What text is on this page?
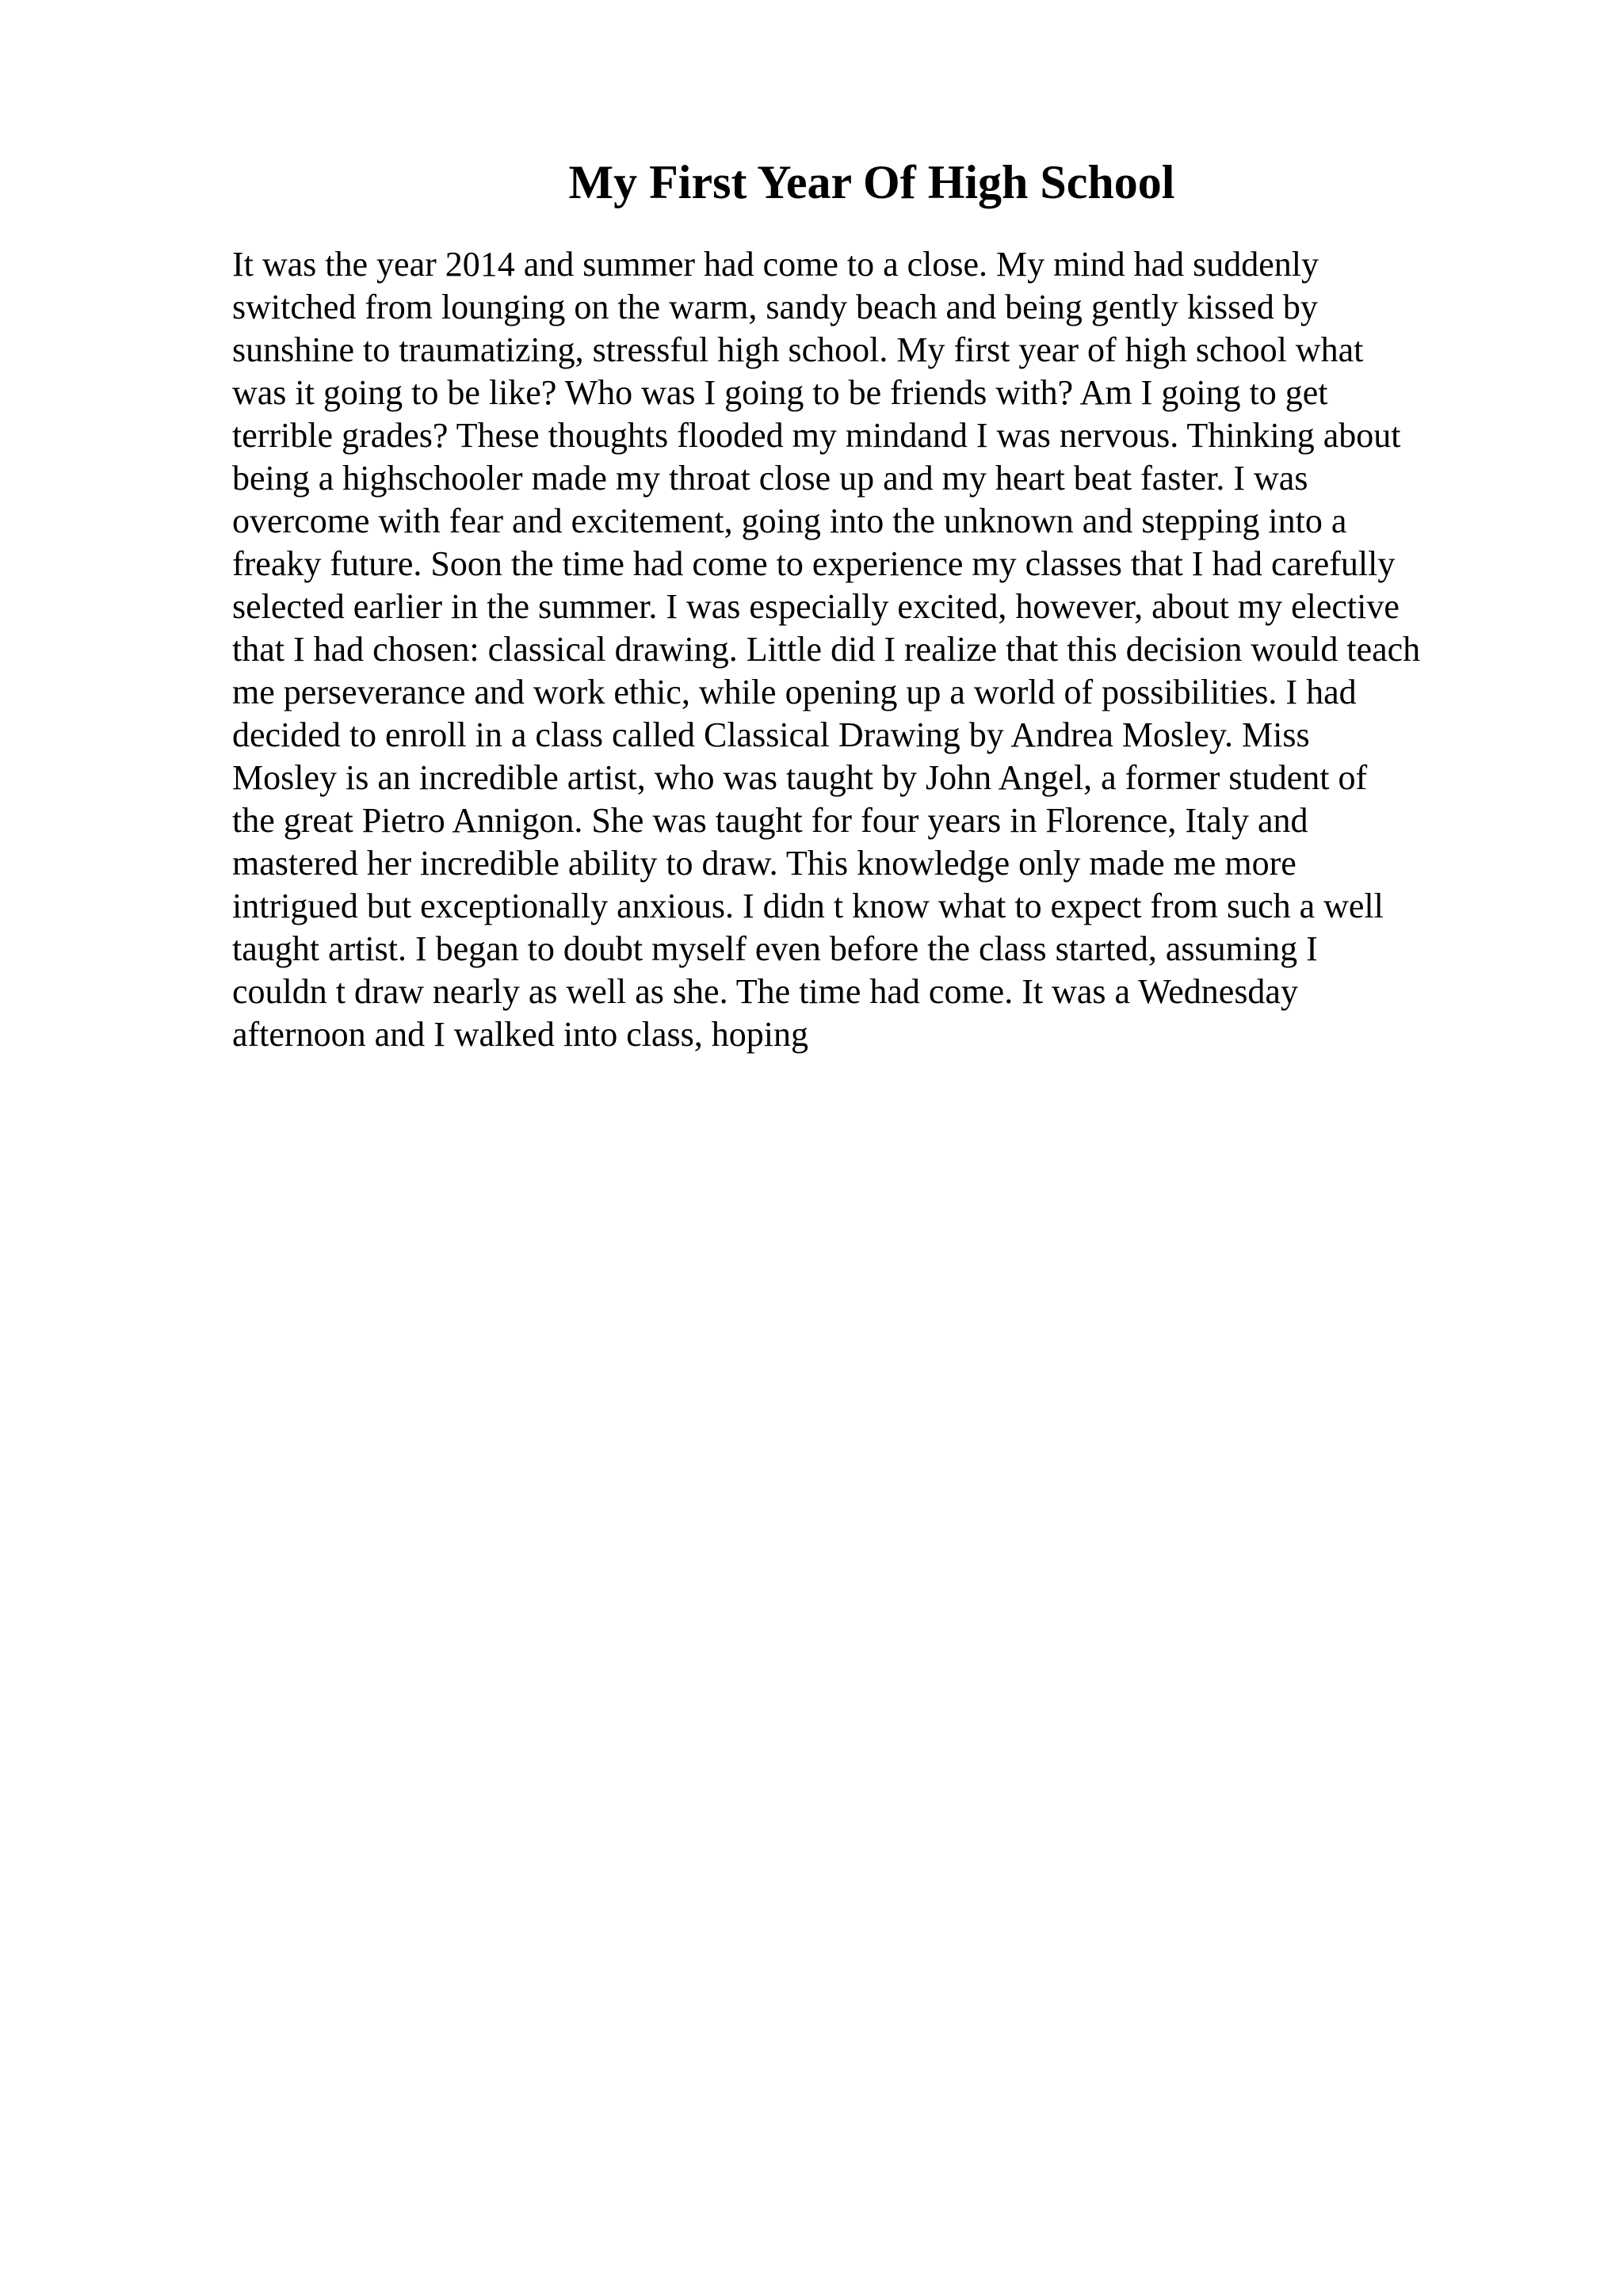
My First Year Of High School
It was the year 2014 and summer had come to a close. My mind had suddenly
switched from lounging on the warm, sandy beach and being gently kissed by
sunshine to traumatizing, stressful high school. My first year of high school what
was it going to be like? Who was I going to be friends with? Am I going to get
terrible grades? These thoughts flooded my mindand I was nervous. Thinking about
being a highschooler made my throat close up and my heart beat faster. I was
overcome with fear and excitement, going into the unknown and stepping into a
freaky future. Soon the time had come to experience my classes that I had carefully
selected earlier in the summer. I was especially excited, however, about my elective
that I had chosen: classical drawing. Little did I realize that this decision would teach
me perseverance and work ethic, while opening up a world of possibilities. I had
decided to enroll in a class called Classical Drawing by Andrea Mosley. Miss
Mosley is an incredible artist, who was taught by John Angel, a former student of
the great Pietro Annigon. She was taught for four years in Florence, Italy and
mastered her incredible ability to draw. This knowledge only made me more
intrigued but exceptionally anxious. I didn t know what to expect from such a well
taught artist. I began to doubt myself even before the class started, assuming I
couldn t draw nearly as well as she. The time had come. It was a Wednesday
afternoon and I walked into class, hoping
